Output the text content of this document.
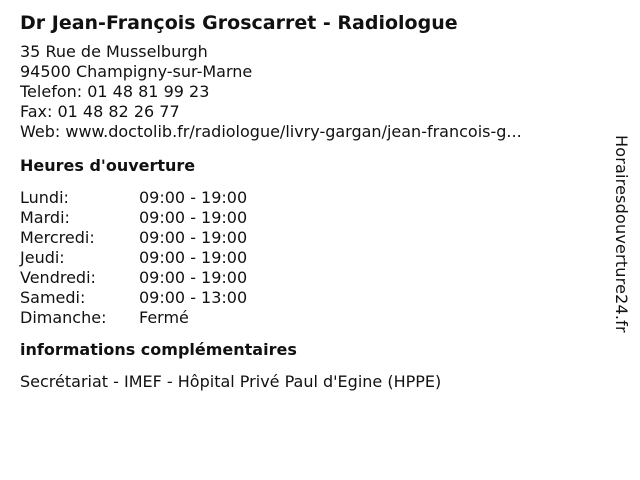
Dr Jean-François Groscarret - Radiologue
35 Rue de Musselburgh
94500 Champigny-sur-Marne
Telefon: 01 48 81 99 23
Fax: 01 48 82 26 77
Web: www.doctolib.fr/radiologue/livry-gargan/jean-francois-g...
Heures d'ouverture
Lundi:	09:00 - 19:00
Mardi:	09:00 - 19:00
Mercredi:	09:00 - 19:00
Jeudi:	09:00 - 19:00
Vendredi:	09:00 - 19:00
Samedi:	09:00 - 13:00
Dimanche:	Fermé
informations complémentaires
Secrétariat - IMEF - Hôpital Privé Paul d'Egine (HPPE)
Horairesdouverture24.fr
